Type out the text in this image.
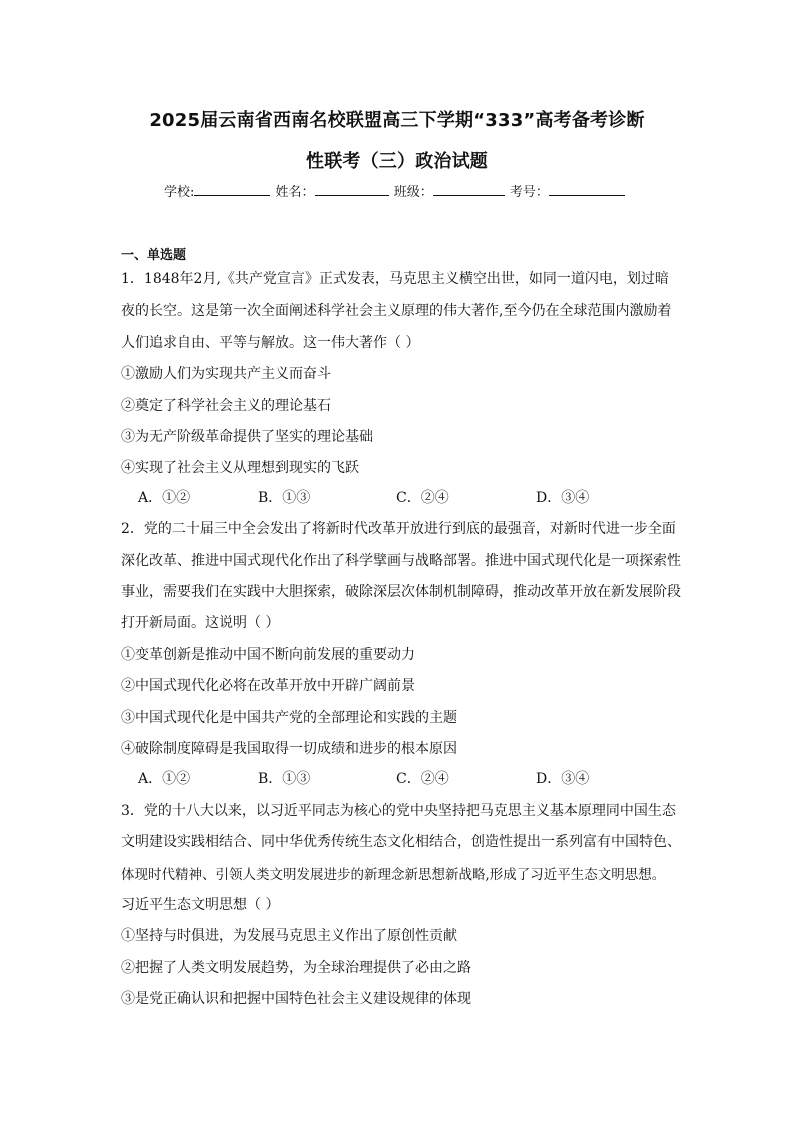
2025届云南省西南名校联盟高三下学期“333”高考备考诊断
性联考（三）政治试题
学校:	姓名：	班级：	考号：
一、单选题
1．1848年2月,《共产党宣言》正式发表，马克思主义横空出世，如同一道闪电，划过暗
夜的长空。这是第一次全面阐述科学社会主义原理的伟大著作,至今仍在全球范围内激励着
人们追求自由、平等与解放。这一伟大著作（ ）
①激励人们为实现共产主义而奋斗
②奠定了科学社会主义的理论基石
③为无产阶级革命提供了坚实的理论基础
④实现了社会主义从理想到现实的飞跃
A．①②	B．①③	C．②④	D．③④
2．党的二十届三中全会发出了将新时代改革开放进行到底的最强音，对新时代进一步全面
深化改革、推进中国式现代化作出了科学擘画与战略部署。推进中国式现代化是一项探索性
事业，需要我们在实践中大胆探索，破除深层次体制机制障碍，推动改革开放在新发展阶段
打开新局面。这说明（ ）
①变革创新是推动中国不断向前发展的重要动力
②中国式现代化必将在改革开放中开辟广阔前景
③中国式现代化是中国共产党的全部理论和实践的主题
④破除制度障碍是我国取得一切成绩和进步的根本原因
A．①②	B．①③	C．②④	D．③④
3．党的十八大以来，以习近平同志为核心的党中央坚持把马克思主义基本原理同中国生态
文明建设实践相结合、同中华优秀传统生态文化相结合，创造性提出一系列富有中国特色、
体现时代精神、引领人类文明发展进步的新理念新思想新战略,形成了习近平生态文明思想。
习近平生态文明思想（ ）
①坚持与时俱进，为发展马克思主义作出了原创性贡献
②把握了人类文明发展趋势，为全球治理提供了必由之路
③是党正确认识和把握中国特色社会主义建设规律的体现
